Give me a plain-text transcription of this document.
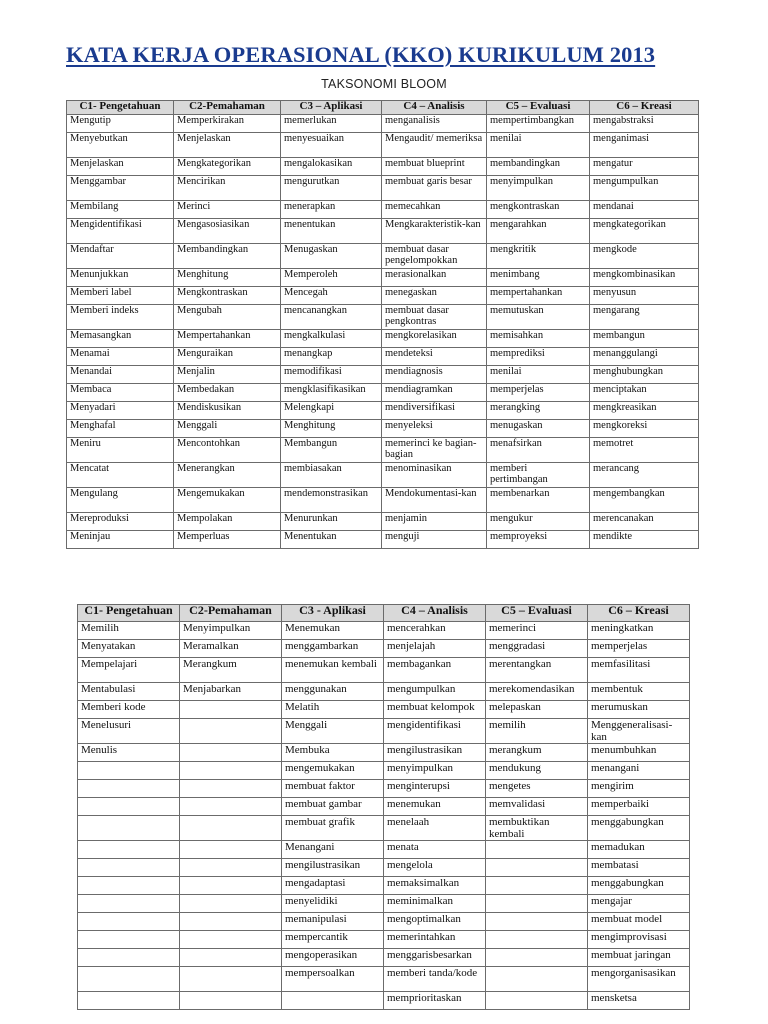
KATA KERJA OPERASIONAL (KKO) KURIKULUM 2013
TAKSONOMI BLOOM
C1- Pengetahuan	C2-Pemahaman	C3 – Aplikasi	C4 – Analisis	C5 – Evaluasi	C6 – Kreasi
Mengutip	Memperkirakan	memerlukan	menganalisis	mempertimbangkan	mengabstraksi
Menyebutkan	Menjelaskan	menyesuaikan	Mengaudit/ memeriksa	menilai	menganimasi
Menjelaskan	Mengkategorikan	mengalokasikan	membuat blueprint	membandingkan	mengatur
Menggambar	Mencirikan	mengurutkan	membuat garis besar	menyimpulkan	mengumpulkan
Membilang	Merinci	menerapkan	memecahkan	mengkontraskan	mendanai
Mengidentifikasi	Mengasosiasikan	menentukan	Mengkarakteristik-kan	mengarahkan	mengkategorikan
Mendaftar	Membandingkan	Menugaskan	membuat dasar pengelompokkan	mengkritik	mengkode
Menunjukkan	Menghitung	Memperoleh	merasionalkan	menimbang	mengkombinasikan
Memberi label	Mengkontraskan	Mencegah	menegaskan	mempertahankan	menyusun
Memberi indeks	Mengubah	mencanangkan	membuat dasar pengkontras	memutuskan	mengarang
Memasangkan	Mempertahankan	mengkalkulasi	mengkorelasikan	memisahkan	membangun
Menamai	Menguraikan	menangkap	mendeteksi	memprediksi	menanggulangi
Menandai	Menjalin	memodifikasi	mendiagnosis	menilai	menghubungkan
Membaca	Membedakan	mengklasifikasikan	mendiagramkan	memperjelas	menciptakan
Menyadari	Mendiskusikan	Melengkapi	mendiversifikasi	merangking	mengkreasikan
Menghafal	Menggali	Menghitung	menyeleksi	menugaskan	mengkoreksi
Meniru	Mencontohkan	Membangun	memerinci ke bagian-bagian	menafsirkan	memotret
Mencatat	Menerangkan	membiasakan	menominasikan	memberi pertimbangan	merancang
Mengulang	Mengemukakan	mendemonstrasikan	Mendokumentasi-kan	membenarkan	mengembangkan
Mereproduksi	Mempolakan	Menurunkan	menjamin	mengukur	merencanakan
Meninjau	Memperluas	Menentukan	menguji	memproyeksi	mendikte
C1- Pengetahuan	C2-Pemahaman	C3 - Aplikasi	C4 – Analisis	C5 – Evaluasi	C6 – Kreasi
Memilih	Menyimpulkan	Menemukan	mencerahkan	memerinci	meningkatkan
Menyatakan	Meramalkan	menggambarkan	menjelajah	menggradasi	memperjelas
Mempelajari	Merangkum	menemukan kembali	membagankan	merentangkan	memfasilitasi
Mentabulasi	Menjabarkan	menggunakan	mengumpulkan	merekomendasikan	membentuk
Memberi kode		Melatih	membuat kelompok	melepaskan	merumuskan
Menelusuri		Menggali	mengidentifikasi	memilih	Menggeneralisasi-kan
Menulis		Membuka	mengilustrasikan	merangkum	menumbuhkan
		mengemukakan	menyimpulkan	mendukung	menangani
		membuat faktor	menginterupsi	mengetes	mengirim
		membuat gambar	menemukan	memvalidasi	memperbaiki
		membuat grafik	menelaah	membuktikan kembali	menggabungkan
		Menangani	menata		memadukan
		mengilustrasikan	mengelola		membatasi
		mengadaptasi	memaksimalkan		menggabungkan
		menyelidiki	meminimalkan		mengajar
		memanipulasi	mengoptimalkan		membuat model
		mempercantik	memerintahkan		mengimprovisasi
		mengoperasikan	menggarisbesarkan		membuat jaringan
		mempersoalkan	memberi tanda/kode		mengorganisasikan
			memprioritaskan		mensketsa
